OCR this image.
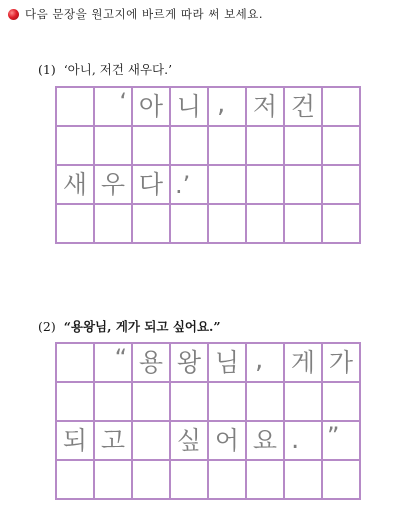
다음 문장을 원고지에 바르게 따라 써 보세요.
(1) ‘아니, 저건 새우다.’
‘ 아 니 ,	저 건
새 우 다 .’
(2) “용왕님, 게가 되고 싶어요.”
“ 용 왕 님 ,	게 가
되 고	싶 어 요 .	”
